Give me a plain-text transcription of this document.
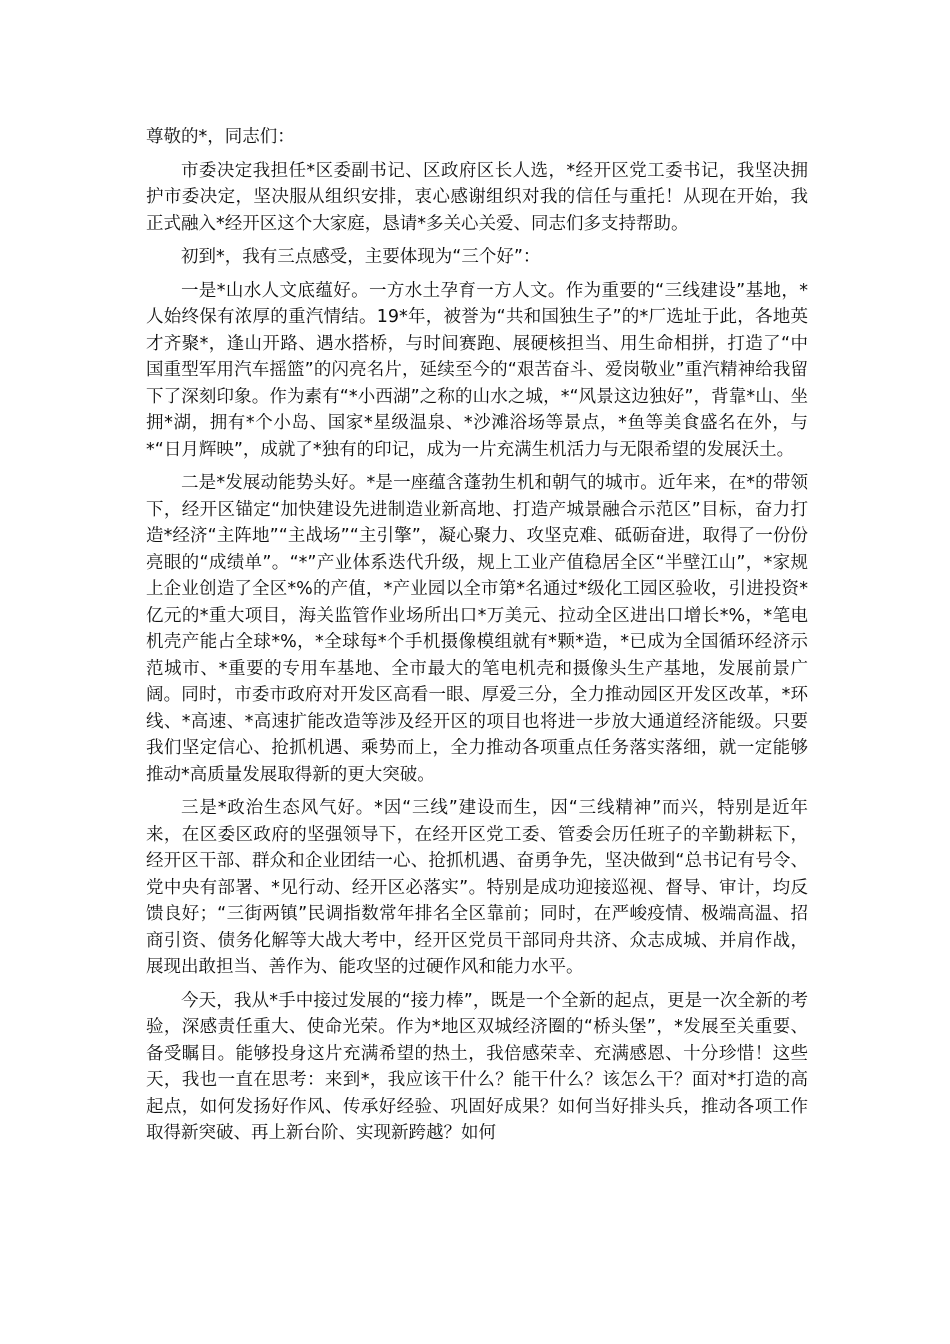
尊敬的*，同志们：

市委决定我担任*区委副书记、区政府区长人选，*经开区党工委书记，我坚决拥护市委决定，坚决服从组织安排，衷心感谢组织对我的信任与重托！从现在开始，我正式融入*经开区这个大家庭，恳请*多关心关爱、同志们多支持帮助。

初到*，我有三点感受，主要体现为“三个好”：

一是*山水人文底蕴好。一方水土孕育一方人文。作为重要的“三线建设”基地，*人始终保有浓厚的重汽情结。19*年，被誉为“共和国独生子”的*厂选址于此，各地英才齐聚*，逢山开路、遇水搭桥，与时间赛跑、展硬核担当、用生命相拼，打造了“中国重型军用汽车摇篮”的闪亮名片，延续至今的“艰苦奋斗、爱岗敬业”重汽精神给我留下了深刻印象。作为素有“*小西湖”之称的山水之城，*“风景这边独好”，背靠*山、坐拥*湖，拥有*个小岛、国家*星级温泉、*沙滩浴场等景点，*鱼等美食盛名在外，与*“日月辉映”，成就了*独有的印记，成为一片充满生机活力与无限希望的发展沃土。

二是*发展动能势头好。*是一座蕴含蓬勃生机和朝气的城市。近年来，在*的带领下，经开区锚定“加快建设先进制造业新高地、打造产城景融合示范区”目标，奋力打造*经济“主阵地”“主战场”“主引擎”，凝心聚力、攻坚克难、砥砺奋进，取得了一份份亮眼的“成绩单”。“*”产业体系迭代升级，规上工业产值稳居全区“半壁江山”，*家规上企业创造了全区*%的产值，*产业园以全市第*名通过*级化工园区验收，引进投资*亿元的*重大项目，海关监管作业场所出口*万美元、拉动全区进出口增长*%，*笔电机壳产能占全球*%，*全球每*个手机摄像模组就有*颗*造，*已成为全国循环经济示范城市、*重要的专用车基地、全市最大的笔电机壳和摄像头生产基地，发展前景广阔。同时，市委市政府对开发区高看一眼、厚爱三分，全力推动园区开发区改革，*环线、*高速、*高速扩能改造等涉及经开区的项目也将进一步放大通道经济能级。只要我们坚定信心、抢抓机遇、乘势而上，全力推动各项重点任务落实落细，就一定能够推动*高质量发展取得新的更大突破。

三是*政治生态风气好。*因“三线”建设而生，因“三线精神”而兴，特别是近年来，在区委区政府的坚强领导下，在经开区党工委、管委会历任班子的辛勤耕耘下，经开区干部、群众和企业团结一心、抢抓机遇、奋勇争先，坚决做到“总书记有号令、党中央有部署、*见行动、经开区必落实”。特别是成功迎接巡视、督导、审计，均反馈良好；“三街两镇”民调指数常年排名全区靠前；同时，在严峻疫情、极端高温、招商引资、债务化解等大战大考中，经开区党员干部同舟共济、众志成城、并肩作战，展现出敢担当、善作为、能攻坚的过硬作风和能力水平。

今天，我从*手中接过发展的“接力棒”，既是一个全新的起点，更是一次全新的考验，深感责任重大、使命光荣。作为*地区双城经济圈的“桥头堡”，*发展至关重要、备受瞩目。能够投身这片充满希望的热土，我倍感荣幸、充满感恩、十分珍惜！这些天，我也一直在思考：来到*，我应该干什么？能干什么？该怎么干？面对*打造的高起点，如何发扬好作风、传承好经验、巩固好成果？如何当好排头兵，推动各项工作取得新突破、再上新台阶、实现新跨越？如何
